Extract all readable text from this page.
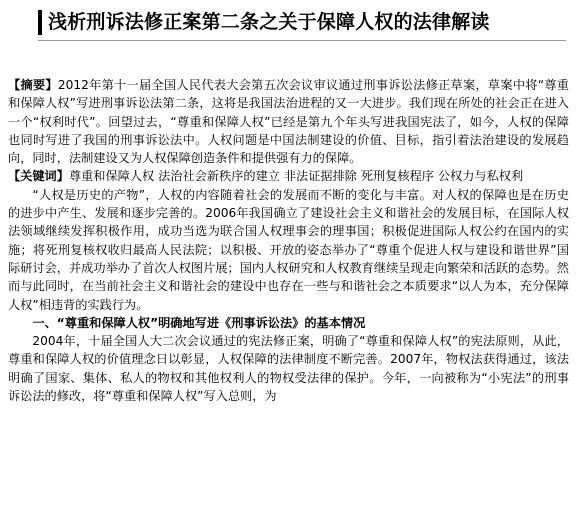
浅析刑诉法修正案第二条之关于保障人权的法律解读

【摘要】2012年第十一届全国人民代表大会第五次会议审议通过刑事诉讼法修正草案，草案中将“尊重和保障人权”写进刑事诉讼法第二条，这将是我国法治进程的又一大进步。我们现在所处的社会正在进入一个“权利时代”。回望过去，“尊重和保障人权”已经是第九个年头写进我国宪法了，如今，人权的保障也同时写进了我国的刑事诉讼法中。人权问题是中国法制建设的价值、目标，指引着法治建设的发展趋向，同时，法制建设又为人权保障创造条件和提供强有力的保障。

【关键词】尊重和保障人权 法治社会新秩序的建立 非法证据排除 死刑复核程序 公权力与私权利

“人权是历史的产物”，人权的内容随着社会的发展而不断的变化与丰富。对人权的保障也是在历史的进步中产生、发展和逐步完善的。2006年我国确立了建设社会主义和谐社会的发展目标，在国际人权法领域继续发挥积极作用，成功当选为联合国人权理事会的理事国；积极促进国际人权公约在国内的实施；将死刑复核权收归最高人民法院；以积极、开放的姿态举办了“尊重个促进人权与建设和谐世界”国际研讨会，并成功举办了首次人权图片展；国内人权研究和人权教育继续呈现走向繁荣和活跃的态势。然而与此同时，在当前社会主义和谐社会的建设中也存在一些与和谐社会之本质要求“以人为本，充分保障人权”相违背的实践行为。

一、“尊重和保障人权”明确地写进《刑事诉讼法》的基本情况

2004年，十届全国人大二次会议通过的宪法修正案，明确了“尊重和保障人权”的宪法原则，从此，尊重和保障人权的价值理念日以彰显，人权保障的法律制度不断完善。2007年，物权法获得通过，该法明确了国家、集体、私人的物权和其他权利人的物权受法律的保护。今年，一向被称为“小宪法”的刑事诉讼法的修改，将“尊重和保障人权”写入总则，为
